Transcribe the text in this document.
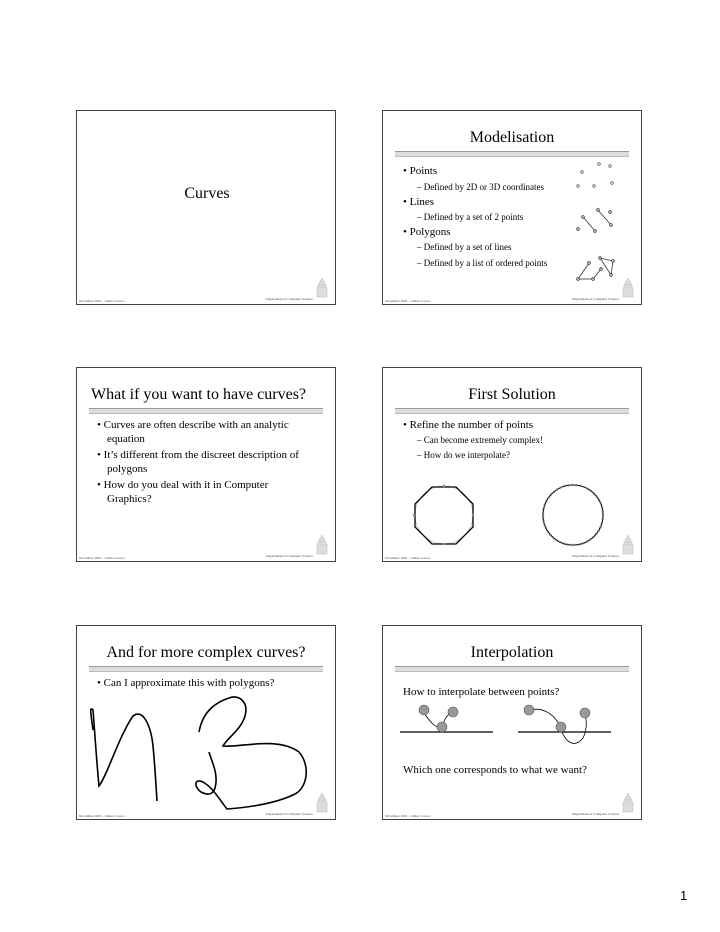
Curves
November 2001 - Céline Loscos	Department of Computer Science
Modelisation
• Points
– Defined by 2D or 3D coordinates
• Lines
– Defined by a set of 2 points
• Polygons
– Defined by a set of lines
– Defined by a list of ordered points
November 2001 - Céline Loscos	Department of Computer Science
What if you want to have curves?
• Curves are often describe with an analytic
equation
• It’s different from the discreet description of
polygons
• How do you deal with it in Computer
Graphics?
November 2001 - Céline Loscos	Department of Computer Science
First Solution
• Refine the number of points
– Can become extremely complex!
– How do we interpolate?
November 2001 - Céline Loscos	Department of Computer Science
And for more complex curves?
• Can I approximate this with polygons?
November 2001 - Céline Loscos	Department of Computer Science
Interpolation
How to interpolate between points?
Which one corresponds to what we want?
November 2001 - Céline Loscos	Department of Computer Science
1
